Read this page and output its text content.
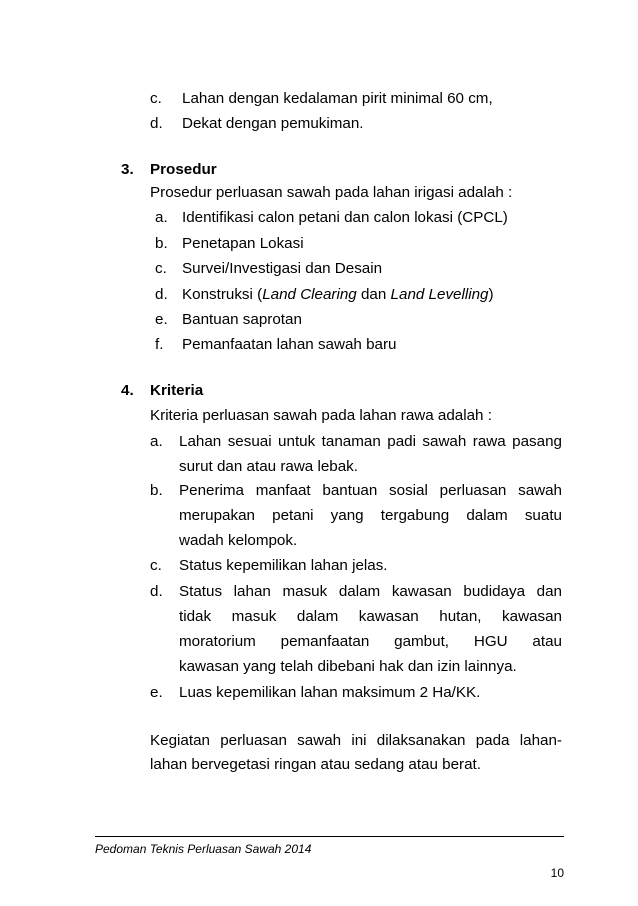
c. Lahan dengan kedalaman pirit minimal 60 cm,
d. Dekat dengan pemukiman.
3. Prosedur
Prosedur perluasan sawah pada lahan irigasi adalah :
a. Identifikasi calon petani dan calon lokasi (CPCL)
b. Penetapan Lokasi
c. Survei/Investigasi dan Desain
d. Konstruksi (Land Clearing dan Land Levelling)
e. Bantuan saprotan
f. Pemanfaatan lahan sawah baru
4. Kriteria
Kriteria perluasan sawah pada lahan rawa adalah :
a. Lahan sesuai untuk tanaman padi sawah rawa pasang
surut dan atau rawa lebak.
b. Penerima manfaat bantuan sosial perluasan sawah
merupakan petani yang tergabung dalam suatu
wadah kelompok.
c. Status kepemilikan lahan jelas.
d. Status lahan masuk dalam kawasan budidaya dan
tidak masuk dalam kawasan hutan, kawasan
moratorium pemanfaatan gambut, HGU atau
kawasan yang telah dibebani hak dan izin lainnya.
e. Luas kepemilikan lahan maksimum 2 Ha/KK.
Kegiatan perluasan sawah ini dilaksanakan pada lahan-
lahan bervegetasi ringan atau sedang atau berat.
Pedoman Teknis Perluasan Sawah 2014
10
